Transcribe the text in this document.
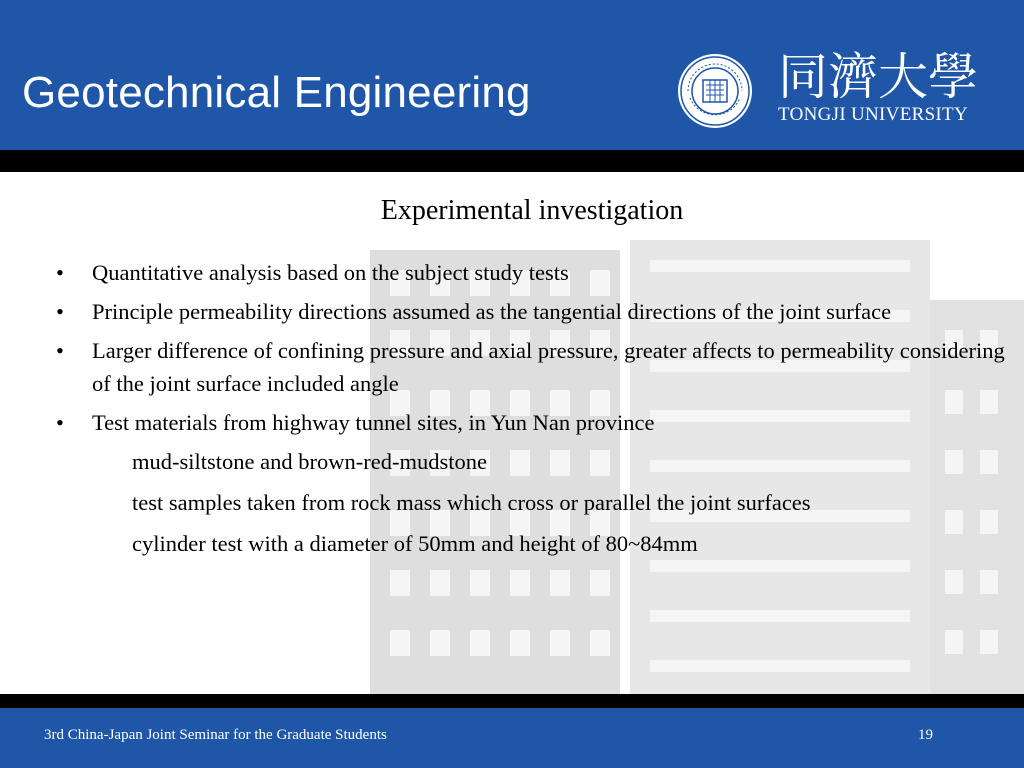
Geotechnical Engineering	同濟大學
TONGJI UNIVERSITY
Experimental investigation
• Quantitative analysis based on the subject study tests
• Principle permeability directions assumed as the tangential directions of the joint surface
• Larger difference of confining pressure and axial pressure, greater affects to permeability considering of the joint surface included angle
• Test materials from highway tunnel sites, in Yun Nan province
mud-siltstone and brown-red-mudstone
test samples taken from rock mass which cross or parallel the joint surfaces
cylinder test with a diameter of 50mm and height of 80~84mm
3rd China-Japan Joint Seminar for the Graduate Students	19
